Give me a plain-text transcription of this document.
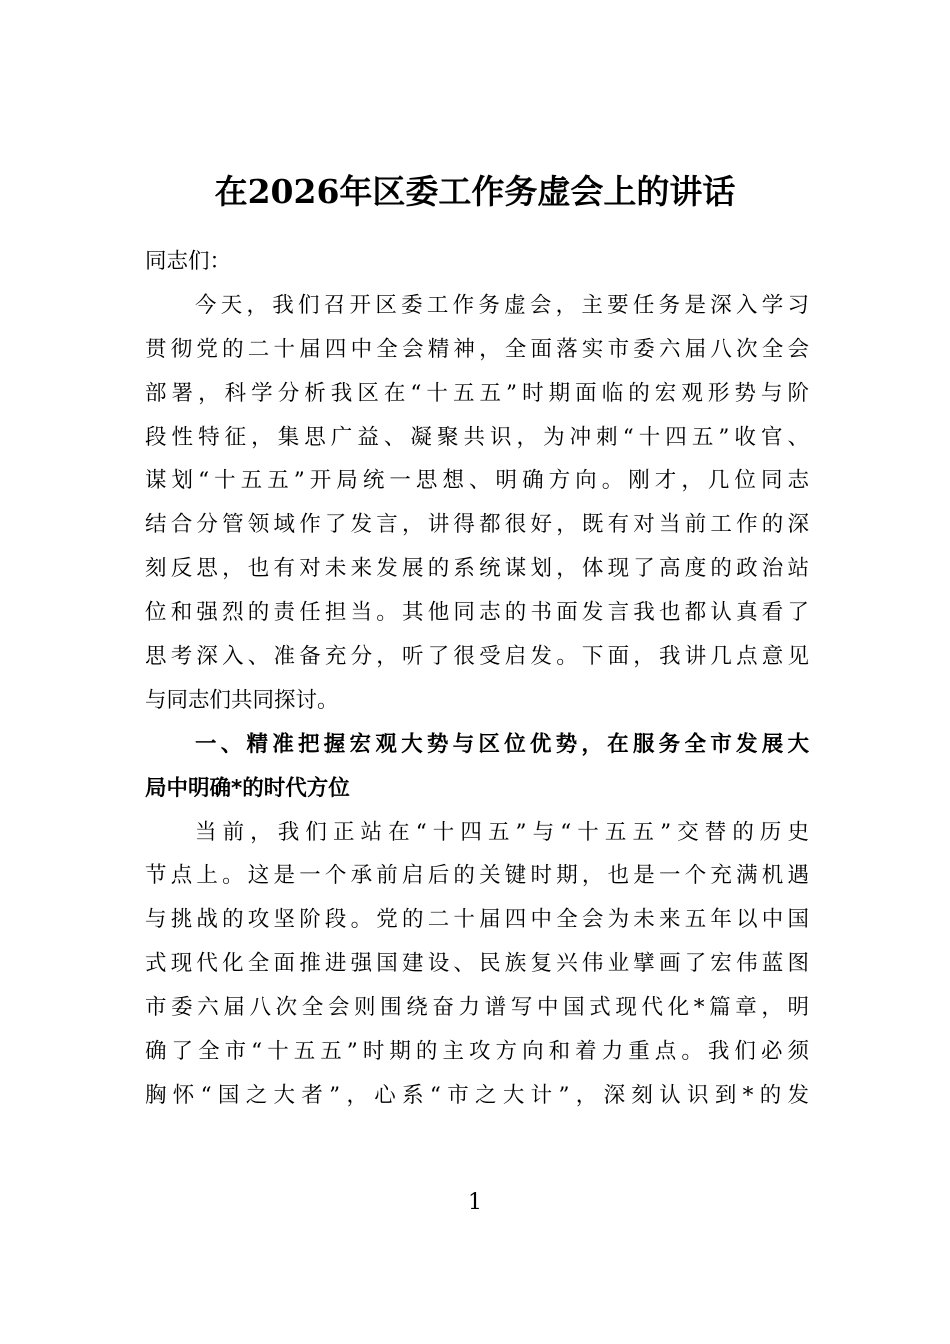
在2026年区委工作务虚会上的讲话
同志们：
今天，我们召开区委工作务虚会，主要任务是深入学习
贯彻党的二十届四中全会精神，全面落实市委六届八次全会
部署，科学分析我区在“十五五”时期面临的宏观形势与阶
段性特征，集思广益、凝聚共识，为冲刺“十四五”收官、
谋划“十五五”开局统一思想、明确方向。刚才，几位同志
结合分管领域作了发言，讲得都很好，既有对当前工作的深
刻反思，也有对未来发展的系统谋划，体现了高度的政治站
位和强烈的责任担当。其他同志的书面发言我也都认真看了
思考深入、准备充分，听了很受启发。下面，我讲几点意见
与同志们共同探讨。
一、精准把握宏观大势与区位优势，在服务全市发展大
局中明确*的时代方位
当前，我们正站在“十四五”与“十五五”交替的历史
节点上。这是一个承前启后的关键时期，也是一个充满机遇
与挑战的攻坚阶段。党的二十届四中全会为未来五年以中国
式现代化全面推进强国建设、民族复兴伟业擘画了宏伟蓝图
市委六届八次全会则围绕奋力谱写中国式现代化*篇章，明
确了全市“十五五”时期的主攻方向和着力重点。我们必须
胸怀“国之大者”，心系“市之大计”，深刻认识到*的发
1
